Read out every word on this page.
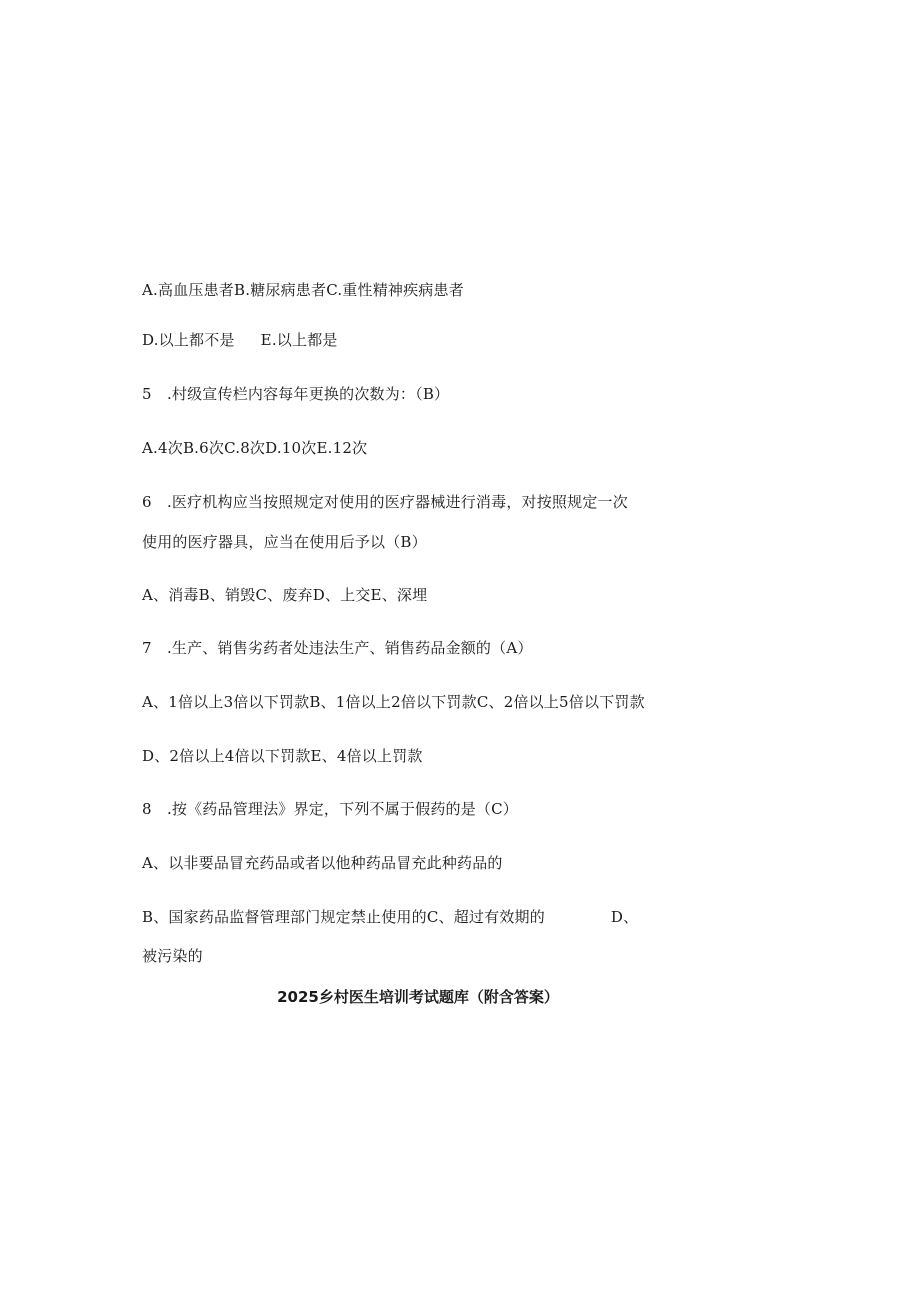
A.高血压患者B.糖尿病患者C.重性精神疾病患者
D.以上都不是 E.以上都是
5　.村级宣传栏内容每年更换的次数为：（B）
A.4次B.6次C.8次D.10次E.12次
6　.医疗机构应当按照规定对使用的医疗器械进行消毒，对按照规定一次
使用的医疗器具，应当在使用后予以（B）
A、消毒B、销毁C、废弃D、上交E、深埋
7　.生产、销售劣药者处违法生产、销售药品金额的（A）
A、1倍以上3倍以下罚款B、1倍以上2倍以下罚款C、2倍以上5倍以下罚款
D、2倍以上4倍以下罚款E、4倍以上罚款
8　.按《药品管理法》界定，下列不属于假药的是（C）
A、以非要品冒充药品或者以他种药品冒充此种药品的
B、国家药品监督管理部门规定禁止使用的C、超过有效期的	D、
被污染的
2025乡村医生培训考试题库（附含答案）
